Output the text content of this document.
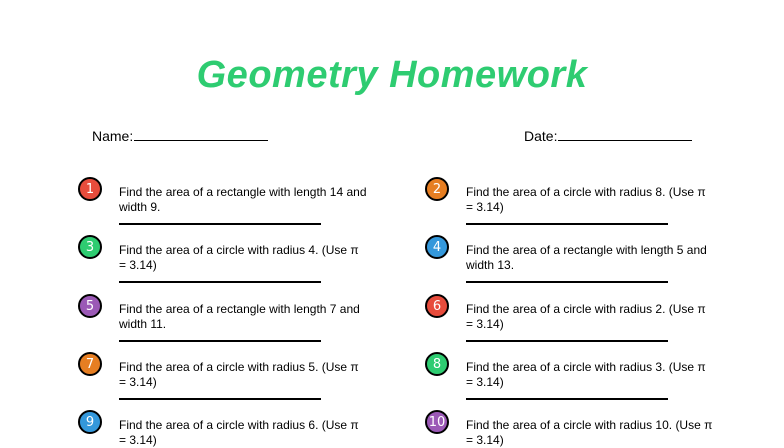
Geometry Homework
Name:	Date:
1	Find the area of a rectangle with length 14 and width 9.
2	Find the area of a circle with radius 8. (Use π = 3.14)
3	Find the area of a circle with radius 4. (Use π = 3.14)
4	Find the area of a rectangle with length 5 and width 13.
5	Find the area of a rectangle with length 7 and width 11.
6	Find the area of a circle with radius 2. (Use π = 3.14)
7	Find the area of a circle with radius 5. (Use π = 3.14)
8	Find the area of a circle with radius 3. (Use π = 3.14)
9	Find the area of a circle with radius 6. (Use π = 3.14)
10	Find the area of a circle with radius 10. (Use π = 3.14)
